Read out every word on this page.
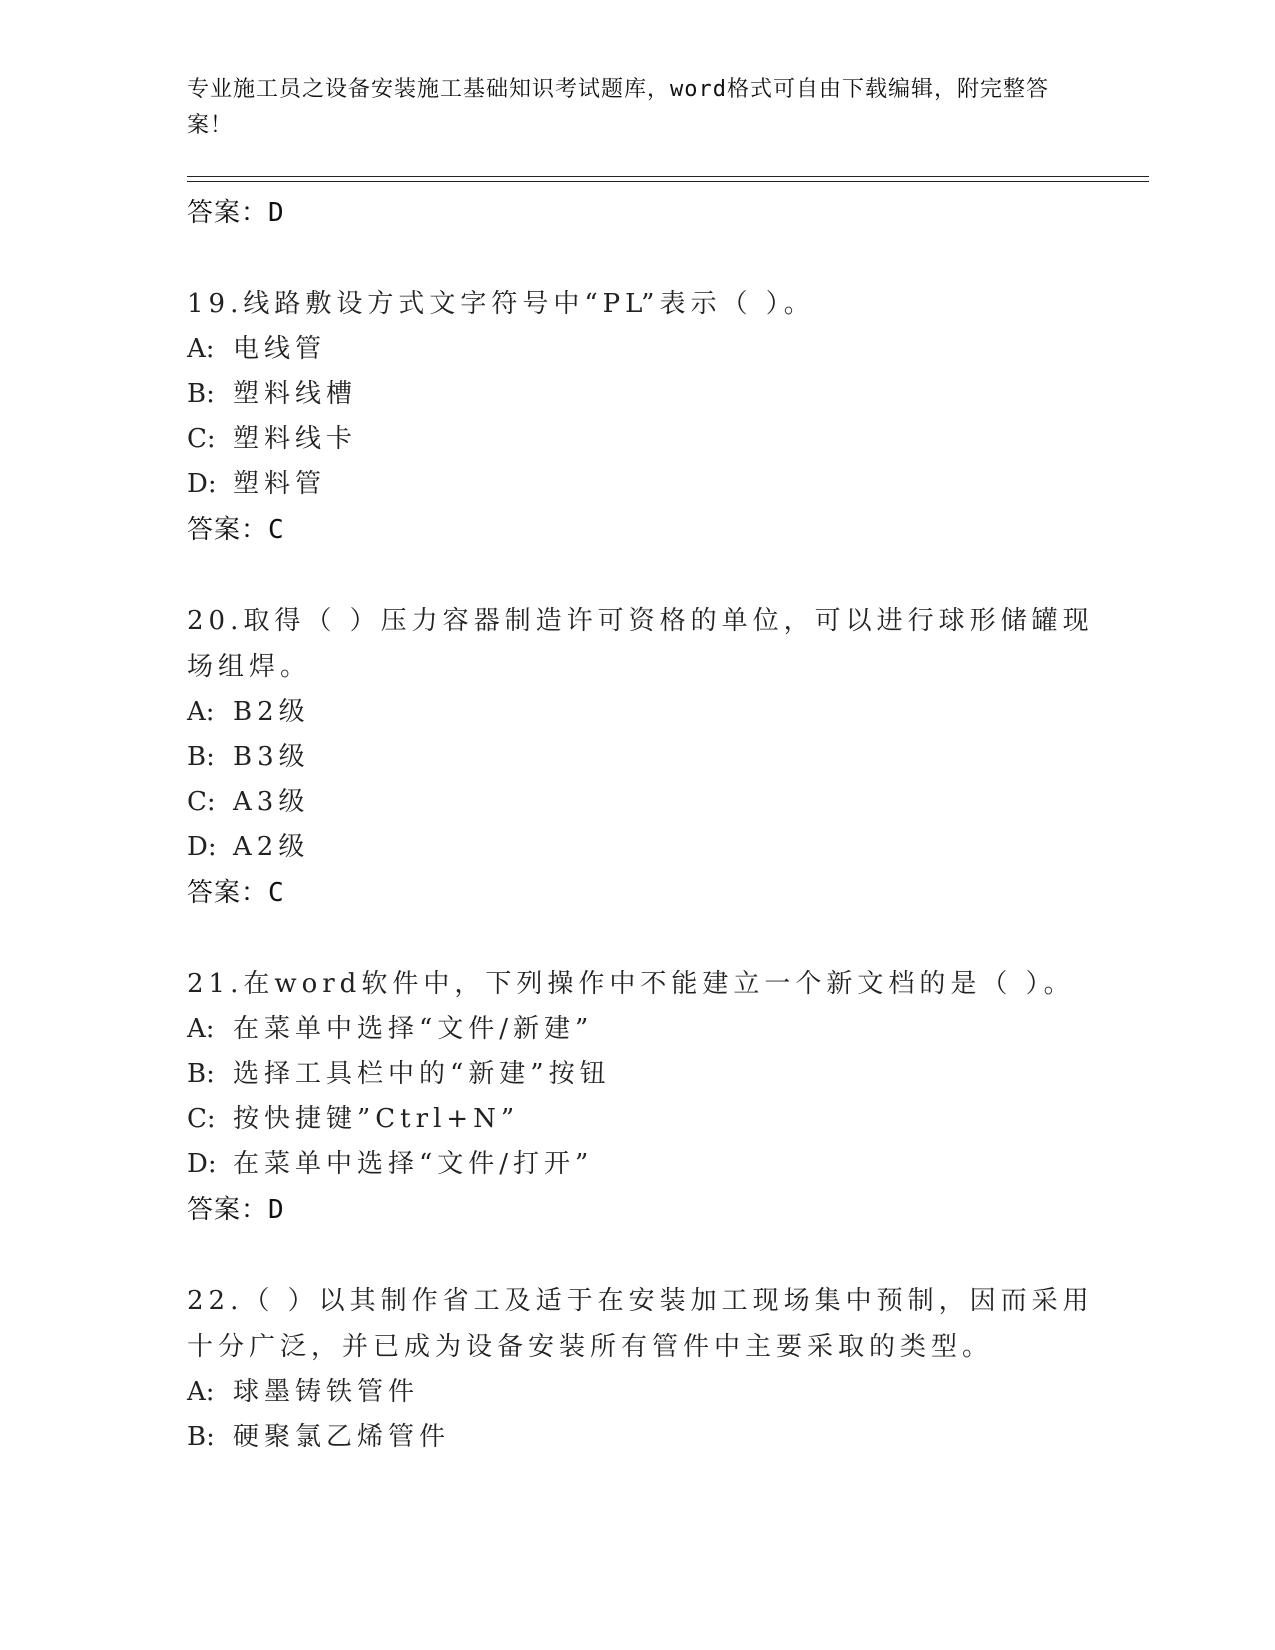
专业施工员之设备安装施工基础知识考试题库，word格式可自由下载编辑，附完整答案！
答案：D
19.线路敷设方式文字符号中“PL”表示（ ）。
A: 电线管
B: 塑料线槽
C: 塑料线卡
D: 塑料管
答案：C
20.取得（ ）压力容器制造许可资格的单位，可以进行球形储罐现场组焊。
A: B2级
B: B3级
C: A3级
D: A2级
答案：C
21.在word软件中，下列操作中不能建立一个新文档的是（ ）。
A: 在菜单中选择“文件/新建”
B: 选择工具栏中的“新建”按钮
C: 按快捷键”Ctrl+N”
D: 在菜单中选择“文件/打开”
答案：D
22.（ ）以其制作省工及适于在安装加工现场集中预制，因而采用十分广泛，并已成为设备安装所有管件中主要采取的类型。
A: 球墨铸铁管件
B: 硬聚氯乙烯管件
